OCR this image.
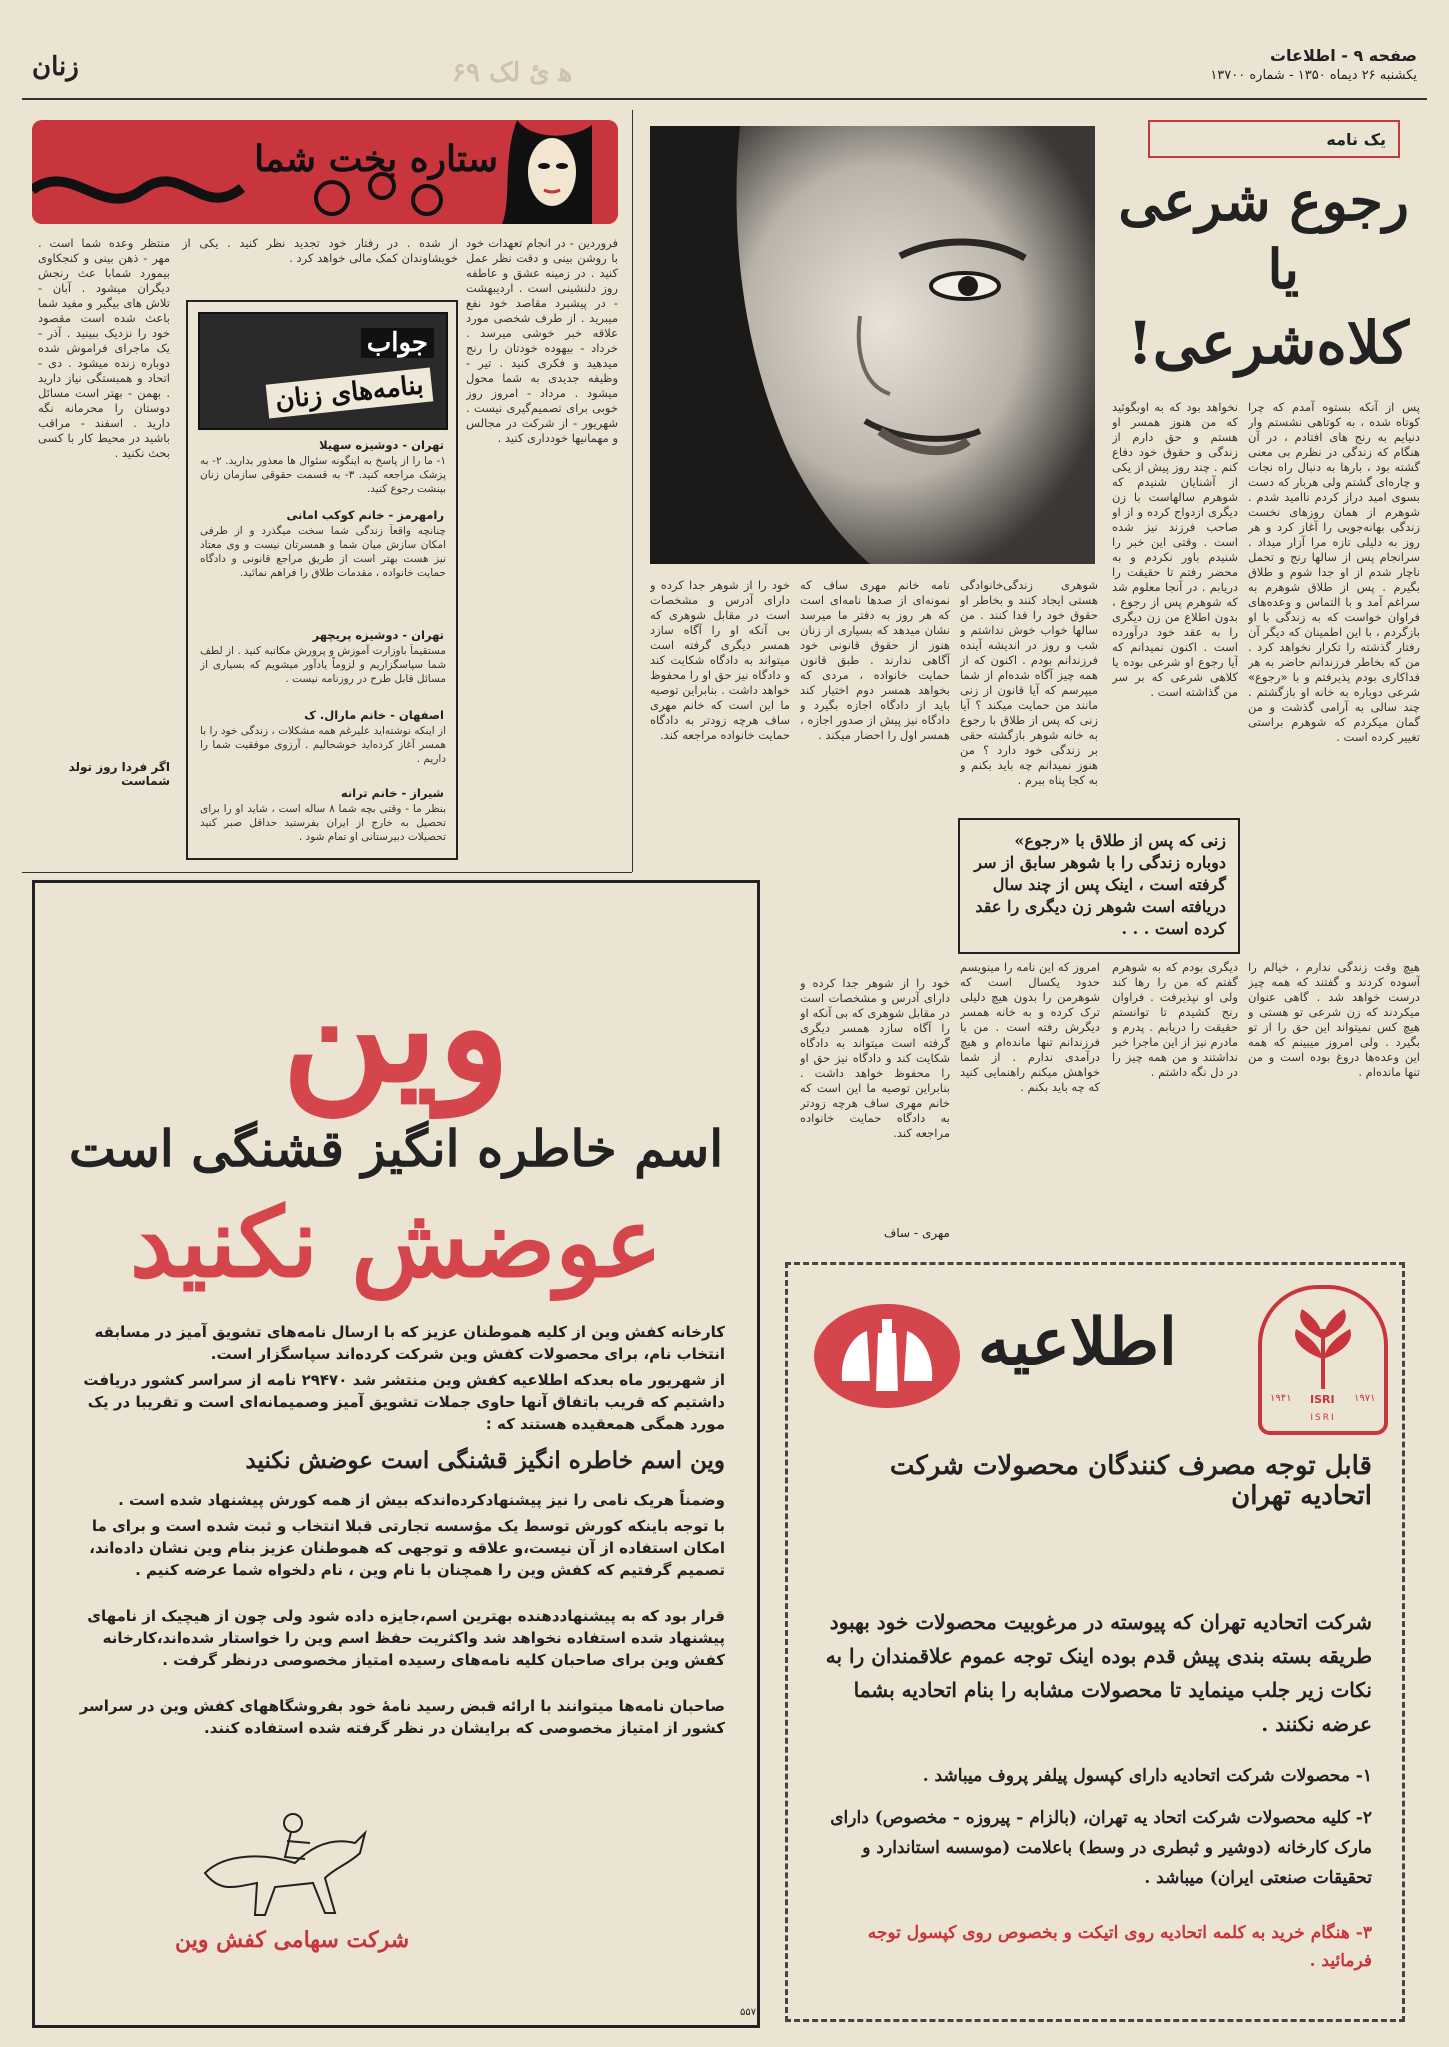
زنان	۶۹ ه‍ ئ لک
صفحه ۹ - اطلاعات
یکشنبه ۲۶ دیماه ۱۳۵۰ - شماره ۱۳۷۰۰
یک نامه
رجوع شرعی
یا
کلاه‌شرعی!
پس از آنکه بستوه آمدم که چرا کوتاه شده ، به کوتاهی نشستم وار دنیایم به رنج های افتادم ، در آن هنگام که زندگی در نظرم بی معنی گشته بود ، بارها به دنبال راه نجات و چاره‌ای گشتم ولی هربار که دست بسوی امید دراز کردم ناامید شدم . شوهرم از همان روزهای نخست زندگی بهانه‌جویی را آغاز کرد و هر روز به دلیلی تازه مرا آزار میداد . سرانجام پس از سالها رنج و تحمل ناچار شدم از او جدا شوم و طلاق بگیرم . پس از طلاق شوهرم به سراغم آمد و با التماس و وعده‌های فراوان خواست که به زندگی با او بازگردم ، با این اطمینان که دیگر آن رفتار گذشته را تکرار نخواهد کرد . من که بخاطر فرزندانم حاضر به هر فداکاری بودم پذیرفتم و با «رجوع» شرعی دوباره به خانه او بازگشتم . چند سالی به آرامی گذشت و من گمان میکردم که شوهرم براستی تغییر کرده است .
هیچ وقت زندگی ندارم ، خیالم را آسوده کردند و گفتند که همه چیز درست خواهد شد . گاهی عنوان میکردند که زن شرعی تو هستی و هیچ کس نمیتواند این حق را از تو بگیرد . ولی امروز میبینم که همه این وعده‌ها دروغ بوده است و من تنها مانده‌ام .
نخواهد بود که به اوبگوئید که من هنوز همسر او هستم و حق دارم از زندگی و حقوق خود دفاع کنم . چند روز پیش از یکی از آشنایان شنیدم که شوهرم سالهاست با زن دیگری ازدواج کرده و از او صاحب فرزند نیز شده است . وقتی این خبر را شنیدم باور نکردم و به محضر رفتم تا حقیقت را دریابم . در آنجا معلوم شد که شوهرم پس از رجوع ، بدون اطلاع من زن دیگری را به عقد خود درآورده است . اکنون نمیدانم که آیا رجوع او شرعی بوده یا کلاهی شرعی که بر سر من گذاشته است .
شوهری زندگی‌خانوادگی هستی ایجاد کنند و بخاطر او حقوق خود را فدا کنند . من سالها خواب خوش نداشتم و شب و روز در اندیشه آینده فرزندانم بودم . اکنون که از همه چیز آگاه شده‌ام از شما میپرسم که آیا قانون از زنی مانند من حمایت میکند ؟ آیا زنی که پس از طلاق با رجوع به خانه شوهر بازگشته حقی بر زندگی خود دارد ؟ من هنوز نمیدانم چه باید بکنم و به کجا پناه ببرم .
زنی که پس از طلاق با «رجوع» دوباره زندگی را با شوهر سابق از سر گرفته است ، اینک پس از چند سال دریافته است شوهر زن دیگری را عقد کرده است . . .
دیگری بودم که به شوهرم گفتم که من را رها کند ولی او نپذیرفت . فراوان رنج کشیدم تا توانستم حقیقت را دریابم . پدرم و مادرم نیز از این ماجرا خبر نداشتند و من همه چیز را در دل نگه داشتم .
امروز که این نامه را مینویسم حدود یکسال است که شوهرمن را بدون هیچ دلیلی ترک کرده و به خانه همسر دیگرش رفته است . من با فرزندانم تنها مانده‌ام و هیچ درآمدی ندارم . از شما خواهش میکنم راهنمایی کنید که چه باید بکنم .
نامه خانم مهری ساف که نمونه‌ای از صدها نامه‌ای است که هر روز به دفتر ما میرسد نشان میدهد که بسیاری از زنان هنوز از حقوق قانونی خود آگاهی ندارند . طبق قانون حمایت خانواده ، مردی که بخواهد همسر دوم اختیار کند باید از دادگاه اجازه بگیرد و دادگاه نیز پیش از صدور اجازه ، همسر اول را احضار میکند .
خود را از شوهر جدا کرده و دارای آدرس و مشخصات است در مقابل شوهری که بی آنکه او را آگاه سازد همسر دیگری گرفته است میتواند به دادگاه شکایت کند و دادگاه نیز حق او را محفوظ خواهد داشت . بنابراین توصیه ما این است که خانم مهری ساف هرچه زودتر به دادگاه حمایت خانواده مراجعه کند.
خود را از شوهر جدا کرده و دارای آدرس و مشخصات است در مقابل شوهری که بی آنکه او را آگاه سازد همسر دیگری گرفته است میتواند به دادگاه شکایت کند و دادگاه نیز حق او را محفوظ خواهد داشت . بنابراین توصیه ما این است که خانم مهری ساف هرچه زودتر به دادگاه حمایت خانواده مراجعه کند.
مهری - ساف
ستاره بخت شما
فروردین - در انجام تعهدات خود با روشن بینی و دقت نظر عمل کنید . در زمینه عشق و عاطفه روز دلنشینی است . اردیبهشت - در پیشبرد مقاصد خود نفع میبرید . از طرف شخصی مورد علاقه خبر خوشی میرسد . خرداد - بیهوده خودتان را رنج میدهید و فکری کنید . تیر - وظیفه جدیدی به شما محول میشود . مرداد - امروز روز خوبی برای تصمیم‌گیری نیست . شهریور - از شرکت در مجالس و مهمانیها خودداری کنید .
منتظر وعده شما است . مهر - ذهن بینی و کنجکاوی بیمورد شمابا عث رنجش دیگران میشود . آبان - تلاش های بیگیر و مفید شما باعث شده است مقصود خود را نزدیک ببینید . آذر - یک ماجرای فراموش شده دوباره زنده میشود . دی - اتحاد و همبستگی نیاز دارید . بهمن - بهتر است مسائل دوستان را محرمانه نگه دارید . اسفند - مراقب باشید در محیط کار با کسی بحث نکنید .
از شده . در رفتار خود تجدید نظر کنید . یکی از خویشاوندان کمک مالی خواهد کرد .
اگر فردا روز تولد شماست
جواب
بنامه‌های زنان
تهران - دوشیزه سهیلا
۱- ما را از پاسخ به اینگونه سئوال ها معذور بدارید. ۲- به پزشک مراجعه کنید. ۳- به قسمت حقوقی سازمان زنان بپنشت رجوع کنید.
رامهرمز - خانم کوکب امانی
چنانچه واقعاً زندگی شما سخت میگذرد و از طرفی امکان سازش میان شما و همسرتان نیست و وی معتاد نیز هست بهتر است از طریق مراجع قانونی و دادگاه حمایت خانواده ، مقدمات طلاق را فراهم نمائید.
تهران - دوشیزه پریچهر
مستقیماً باوزارت آموزش و پرورش مکاتبه کنید . از لطف شما سپاسگزاریم و لزوماً یادآور میشویم که بسیاری از مسائل قابل طرح در روزنامه نیست .
اصفهان - خانم مارال. ک
از اینکه نوشته‌اید علیرغم همه مشکلات ، زندگی خود را با همسر آغاز کرده‌اید خوشحالیم . آرزوی موفقیت شما را داریم .
شیراز - خانم ترانه
بنظر ما - وقتی بچه شما ۸ ساله است ، شاید او را برای تحصیل به خارج از ایران بفرستید حداقل صبر کنید تحصیلات دبیرستانی او تمام شود .
وین
اسم خاطره انگیز قشنگی است
عوضش نکنید
کارخانه کفش وین از کلیه هموطنان عزیز که با ارسال نامه‌های تشویق آمیز در مسابقه انتخاب نام، برای محصولات کفش وین شرکت کرده‌اند سپاسگزار است.
از شهریور ماه بعدکه اطلاعیه کفش وین منتشر شد ۲۹۴۷۰ نامه از سراسر کشور دریافت داشتیم که قریب باتفاق آنها حاوی جملات تشویق آمیز وصمیمانه‌ای است و تقریبا در یک مورد همگی همعقیده هستند که :
وین اسم خاطره انگیز قشنگی است عوضش نکنید
وضمناً هریک نامی را نیز پیشنهادکرده‌اندکه بیش از همه کورش پیشنهاد شده است .
با توجه باینکه کورش توسط یک مؤسسه تجارتی قبلا انتخاب و ثبت شده است و برای ما امکان استفاده از آن نیست،و علاقه و توجهی که هموطنان عزیز بنام وین نشان داده‌اند، تصمیم گرفتیم که کفش وین را همچنان با نام وین ، نام دلخواه شما عرضه کنیم .
قرار بود که به پیشنهاددهنده بهترین اسم،جایزه داده شود ولی چون از هیچیک از نامهای پیشنهاد شده استفاده نخواهد شد واکثریت حفظ اسم وین را خواستار شده‌اند،کارخانه کفش وین برای صاحبان کلیه نامه‌های رسیده امتیاز مخصوصی درنظر گرفت .
صاحبان نامه‌ها میتوانند با ارائه قبض رسید نامهٔ خود بفروشگاههای کفش وین در سراسر کشور از امتیاز مخصوصی که برایشان در نظر گرفته شده استفاده کنند.
شرکت سهامی کفش وین
۵۵۷۰
۱۹۴۱ ISRI ۱۹۷۱
ISRI
اطلاعیه
قابل توجه مصرف کنندگان محصولات شرکت اتحادیه تهران
شرکت اتحادیه تهران که پیوسته در مرغوبیت محصولات خود بهبود طریقه بسته بندی پیش قدم بوده اینک توجه عموم علاقمندان را به نکات زیر جلب مینماید تا محصولات مشابه را بنام اتحادیه بشما عرضه نکنند .
۱- محصولات شرکت اتحادیه دارای کپسول پیلفر پروف میباشد .
۲- کلیه محصولات شرکت اتحاد یه تهران، (بالزام - پیروزه - مخصوص) دارای مارک کارخانه (دوشیر و ثبطری در وسط) باعلامت (موسسه استاندارد و تحقیقات صنعتی ایران) میباشد .
۳- هنگام خرید به کلمه اتحادیه روی اتیکت و بخصوص روی کپسول توجه فرمائید .
